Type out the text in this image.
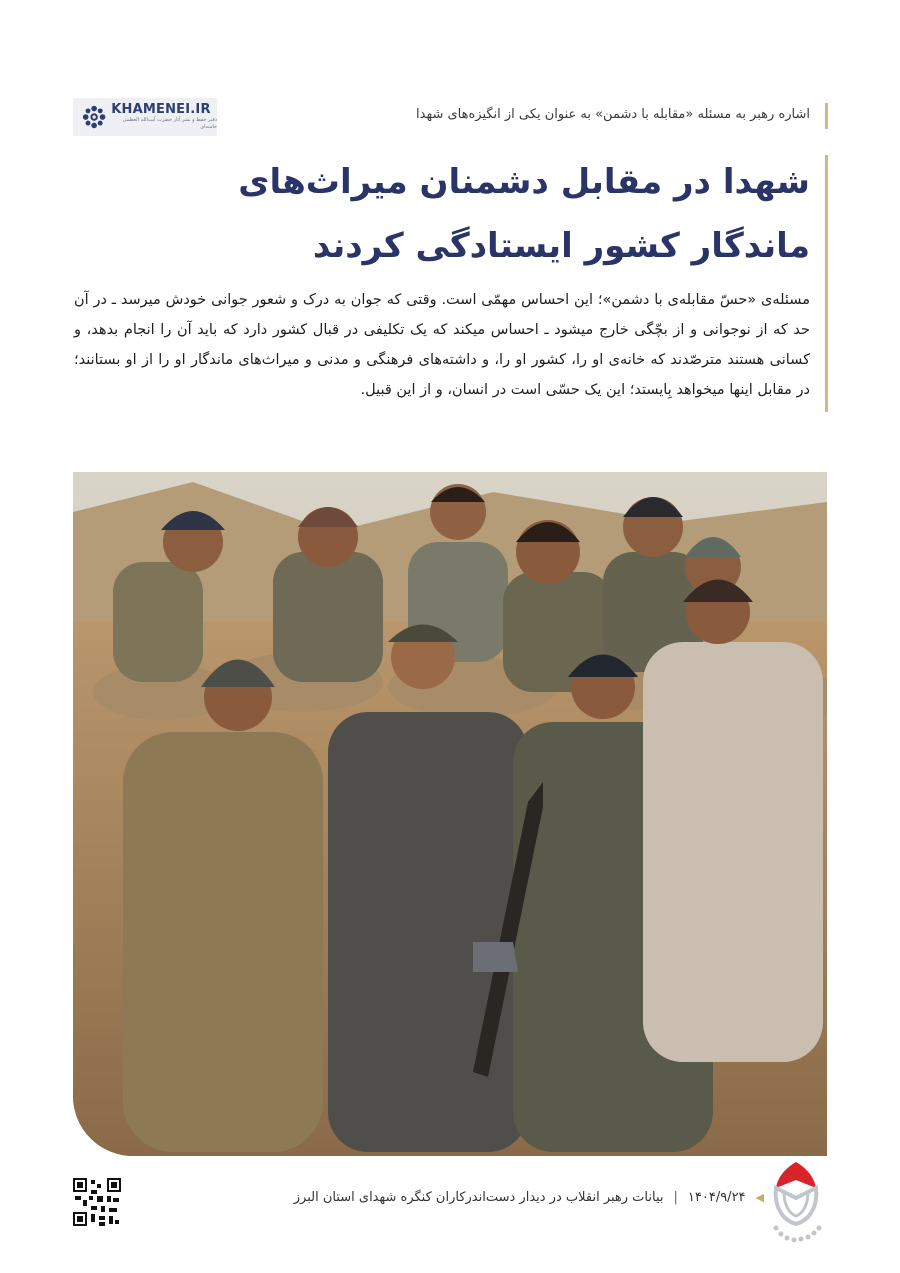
KHAMENEI.IR
دفتر حفظ و نشر آثار حضرت آیت‌الله العظمی خامنه‌ای
اشاره رهبر به مسئله «مقابله با دشمن» به عنوان یکی از انگیزه‌های شهدا
شهدا در مقابل دشمنان میراث‌های
ماندگار کشور ایستادگی کردند
مسئله‌ی «حسّ مقابله‌ی با دشمن»؛ این احساس مهمّی است. وقتی که جوان به درک و شعور جوانی خودش میرسد ـ در آن حد که از نوجوانی و از بچّگی خارج میشود ـ احساس میکند که یک تکلیفی در قبال کشور دارد که باید آن را انجام بدهد، و کسانی هستند مترصّدند که خانه‌ی او را، کشور او را، و داشته‌های فرهنگی و مدنی و میراث‌های ماندگار او را از او بستانند؛ در مقابل اینها میخواهد بِایستد؛ این یک حسّی است در انسان، و از این قبیل.
◀
۱۴۰۴/۹/۲۴
|
بیانات رهبر انقلاب در دیدار دست‌اندرکاران کنگره شهدای استان البرز
